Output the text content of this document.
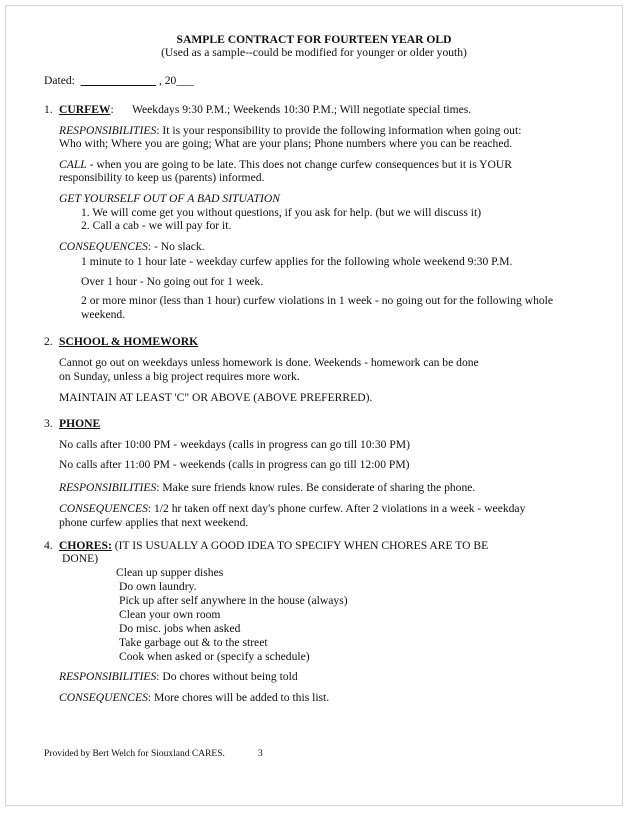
SAMPLE CONTRACT FOR FOURTEEN YEAR OLD
(Used as a sample--could be modified for younger or older youth)
Dated: _____________ , 20___
1. CURFEW: Weekdays 9:30 P.M.; Weekends 10:30 P.M.; Will negotiate special times.
RESPONSIBILITIES: It is your responsibility to provide the following information when going out:
Who with; Where you are going; What are your plans; Phone numbers where you can be reached.
CALL - when you are going to be late. This does not change curfew consequences but it is YOUR
responsibility to keep us (parents) informed.
GET YOURSELF OUT OF A BAD SITUATION
1. We will come get you without questions, if you ask for help. (but we will discuss it)
2. Call a cab - we will pay for it.
CONSEQUENCES: - No slack.
1 minute to 1 hour late - weekday curfew applies for the following whole weekend 9:30 P.M.
Over 1 hour - No going out for 1 week.
2 or more minor (less than 1 hour) curfew violations in 1 week - no going out for the following whole
weekend.
2. SCHOOL & HOMEWORK
Cannot go out on weekdays unless homework is done. Weekends - homework can be done
on Sunday, unless a big project requires more work.
MAINTAIN AT LEAST 'C" OR ABOVE (ABOVE PREFERRED).
3. PHONE
No calls after 10:00 PM - weekdays (calls in progress can go till 10:30 PM)
No calls after 11:00 PM - weekends (calls in progress can go till 12:00 PM)
RESPONSIBILITIES: Make sure friends know rules. Be considerate of sharing the phone.
CONSEQUENCES: 1/2 hr taken off next day's phone curfew. After 2 violations in a week - weekday
phone curfew applies that next weekend.
4. CHORES: (IT IS USUALLY A GOOD IDEA TO SPECIFY WHEN CHORES ARE TO BE
DONE)
Clean up supper dishes
Do own laundry.
Pick up after self anywhere in the house (always)
Clean your own room
Do misc. jobs when asked
Take garbage out & to the street
Cook when asked or (specify a schedule)
RESPONSIBILITIES: Do chores without being told
CONSEQUENCES: More chores will be added to this list.
Provided by Bert Welch for Siouxland CARES.	3
